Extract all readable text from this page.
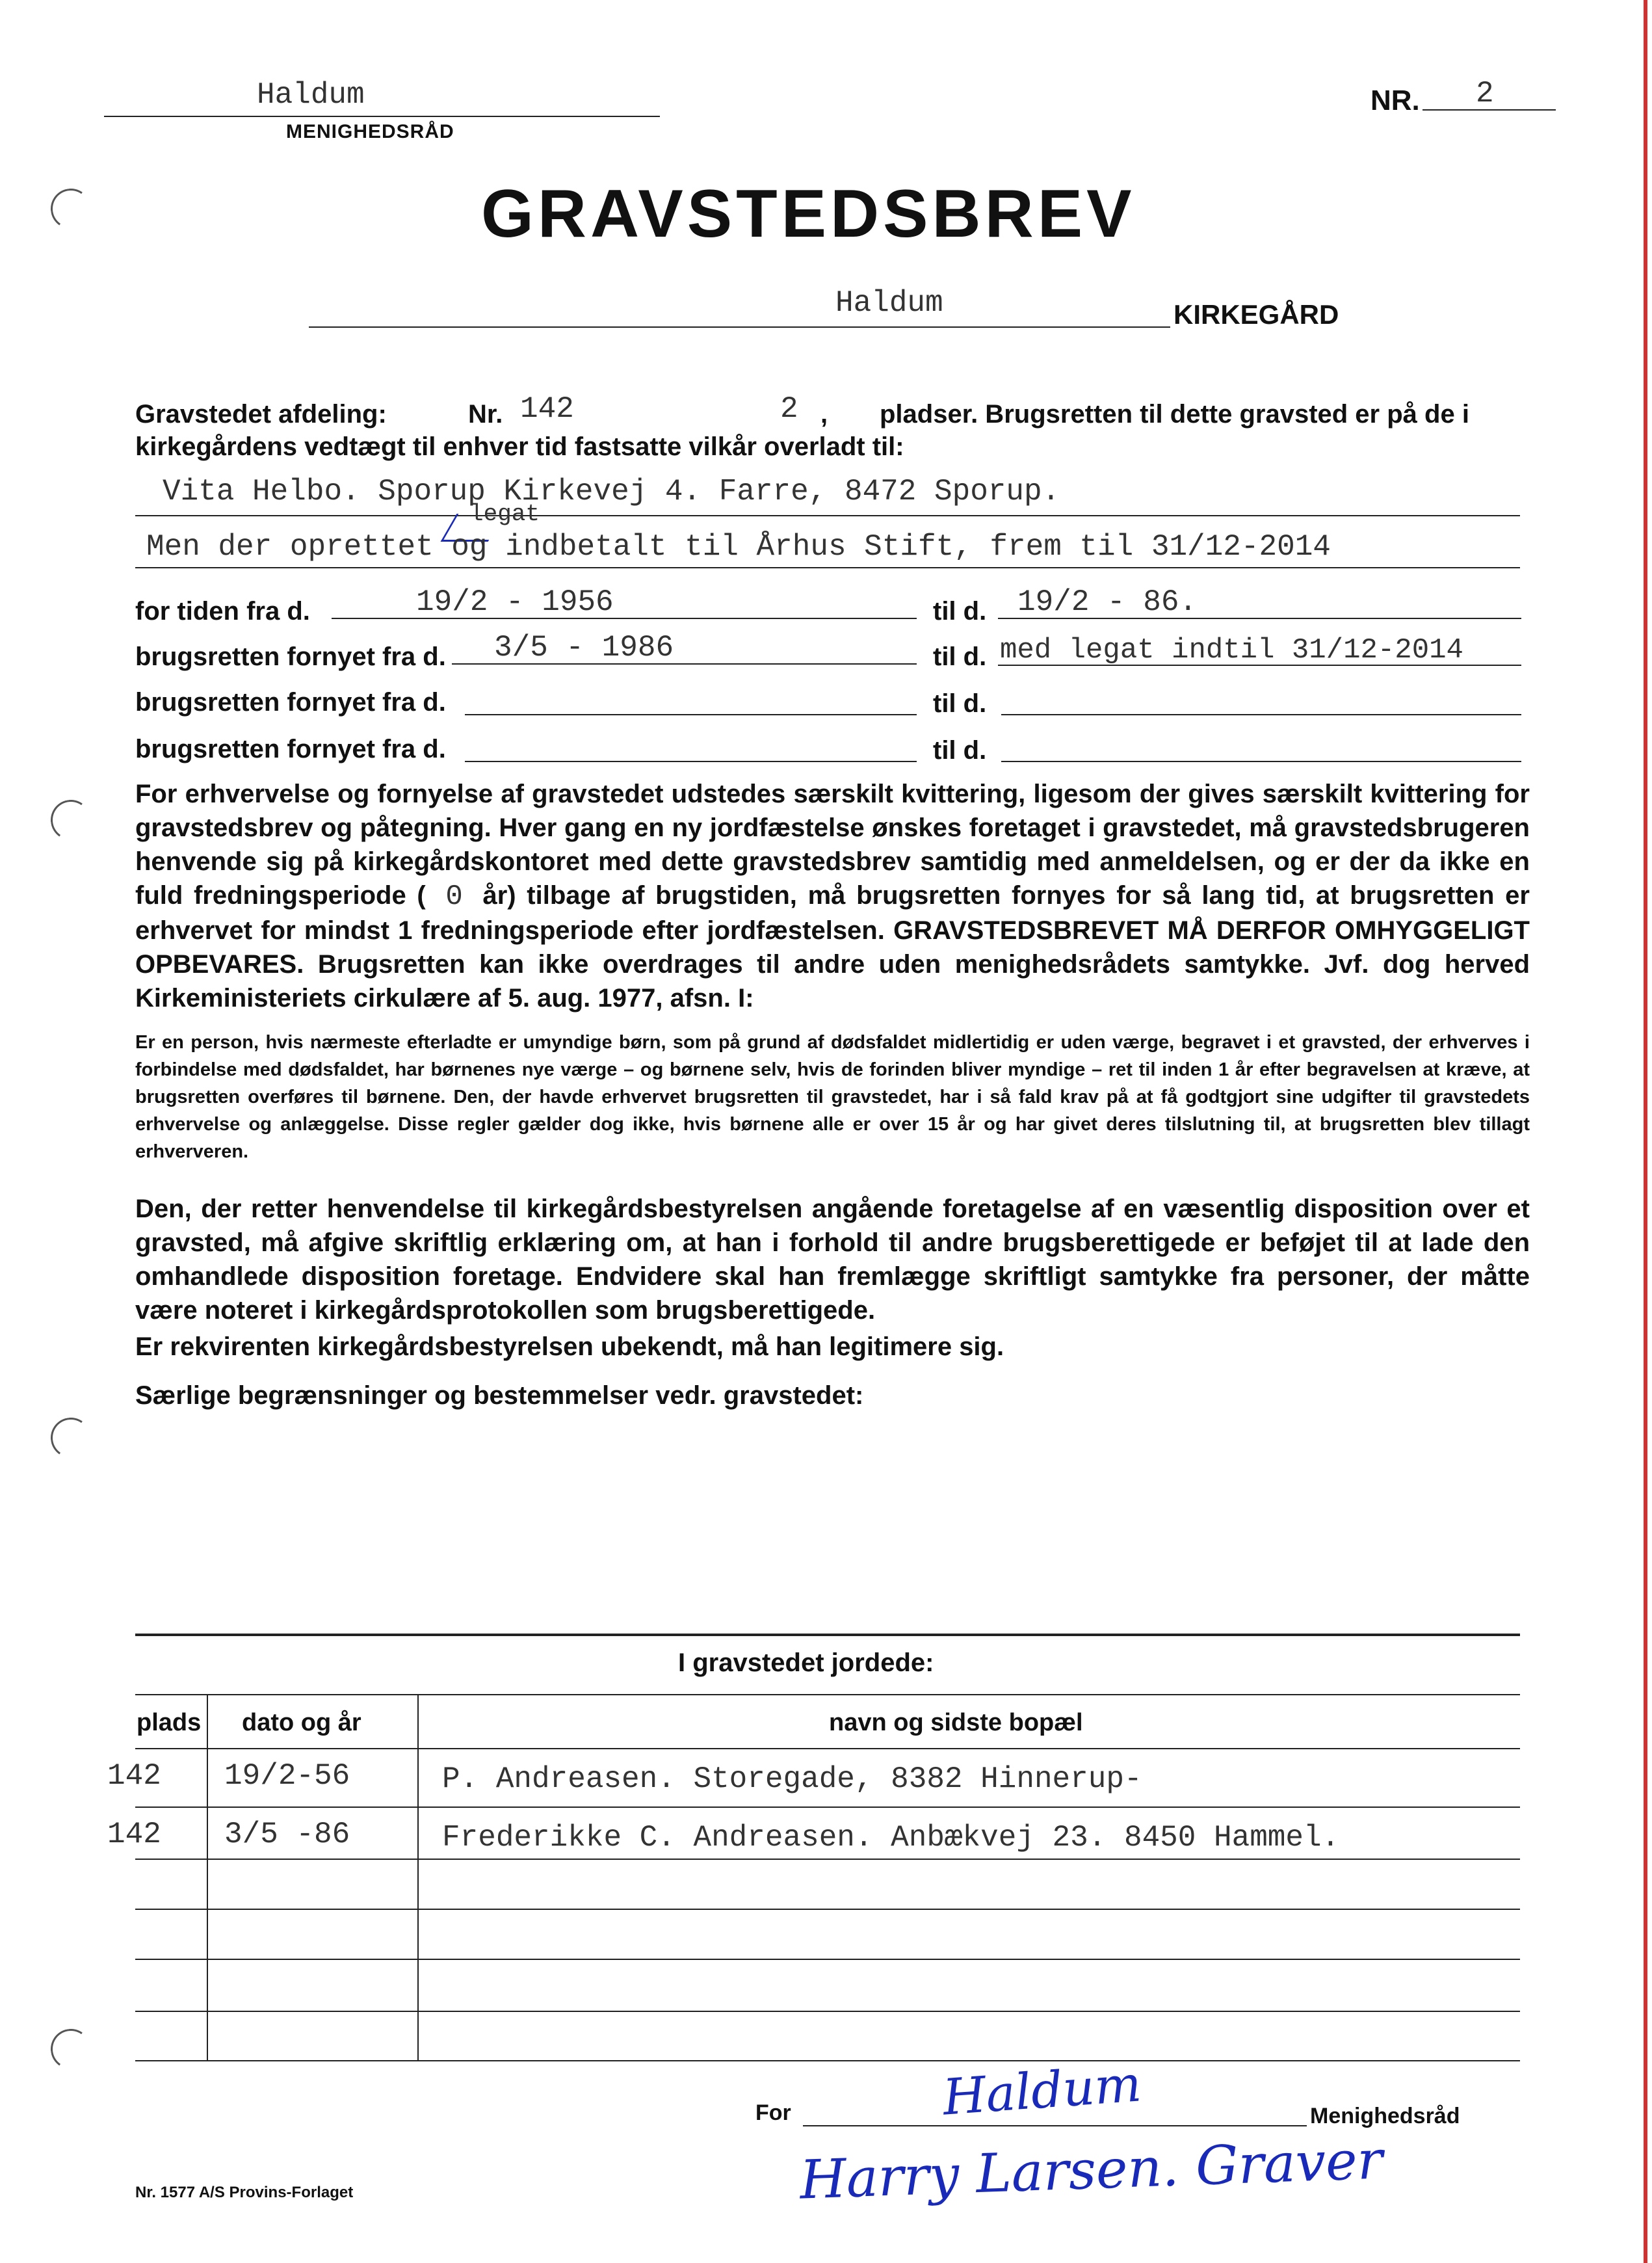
Haldum
MENIGHEDSRÅD
NR. 2
GRAVSTEDSBREV
Haldum	KIRKEGÅRD
Gravstedet afdeling:	Nr. 142	2 , pladser. Brugsretten til dette gravsted er på de i
kirkegårdens vedtægt til enhver tid fastsatte vilkår overladt til:
Vita Helbo. Sporup Kirkevej 4. Farre, 8472 Sporup.
legat
Men der oprettet og indbetalt til Århus Stift, frem til 31/12-2014
for tiden fra d.	19/2 - 1956	til d. 19/2 - 86.
brugsretten fornyet fra d. 3/5 - 1986	til d. med legat indtil 31/12-2014
brugsretten fornyet fra d.	til d.
brugsretten fornyet fra d.	til d.
For erhvervelse og fornyelse af gravstedet udstedes særskilt kvittering, ligesom der gives særskilt kvittering for gravstedsbrev og påtegning. Hver gang en ny jordfæstelse ønskes foretaget i gravstedet, må gravstedsbrugeren henvende sig på kirkegårdskontoret med dette gravstedsbrev samtidig med anmeldelsen, og er der da ikke en fuld fredningsperiode ( 0 år) tilbage af brugstiden, må brugsretten fornyes for så lang tid, at brugsretten er erhvervet for mindst 1 fredningsperiode efter jordfæstelsen. GRAVSTEDSBREVET MÅ DERFOR OMHYGGELIGT OPBEVARES. Brugsretten kan ikke overdrages til andre uden menighedsrådets samtykke. Jvf. dog herved Kirkeministeriets cirkulære af 5. aug. 1977, afsn. I:
Er en person, hvis nærmeste efterladte er umyndige børn, som på grund af dødsfaldet midlertidig er uden værge, begravet i et gravsted, der erhverves i forbindelse med dødsfaldet, har børnenes nye værge – og børnene selv, hvis de forinden bliver myndige – ret til inden 1 år efter begravelsen at kræve, at brugsretten overføres til børnene. Den, der havde erhvervet brugsretten til gravstedet, har i så fald krav på at få godtgjort sine udgifter til gravstedets erhvervelse og anlæggelse. Disse regler gælder dog ikke, hvis børnene alle er over 15 år og har givet deres tilslutning til, at brugsretten blev tillagt erhververen.
Den, der retter henvendelse til kirkegårdsbestyrelsen angående foretagelse af en væsentlig disposition over et gravsted, må afgive skriftlig erklæring om, at han i forhold til andre brugsberettigede er beføjet til at lade den omhandlede disposition foretage. Endvidere skal han fremlægge skriftligt samtykke fra personer, der måtte være noteret i kirkegårdsprotokollen som brugsberettigede.
Er rekvirenten kirkegårdsbestyrelsen ubekendt, må han legitimere sig.
Særlige begrænsninger og bestemmelser vedr. gravstedet:
I gravstedet jordede:
plads dato og år	navn og sidste bopæl
142 19/2-56	P. Andreasen. Storegade, 8382 Hinnerup-
142 3/5 -86	Frederikke C. Andreasen. Anbækvej 23. 8450 Hammel.
For	Haldum	Menighedsråd
Harry Larsen. Graver
Nr. 1577 A/S Provins-Forlaget
